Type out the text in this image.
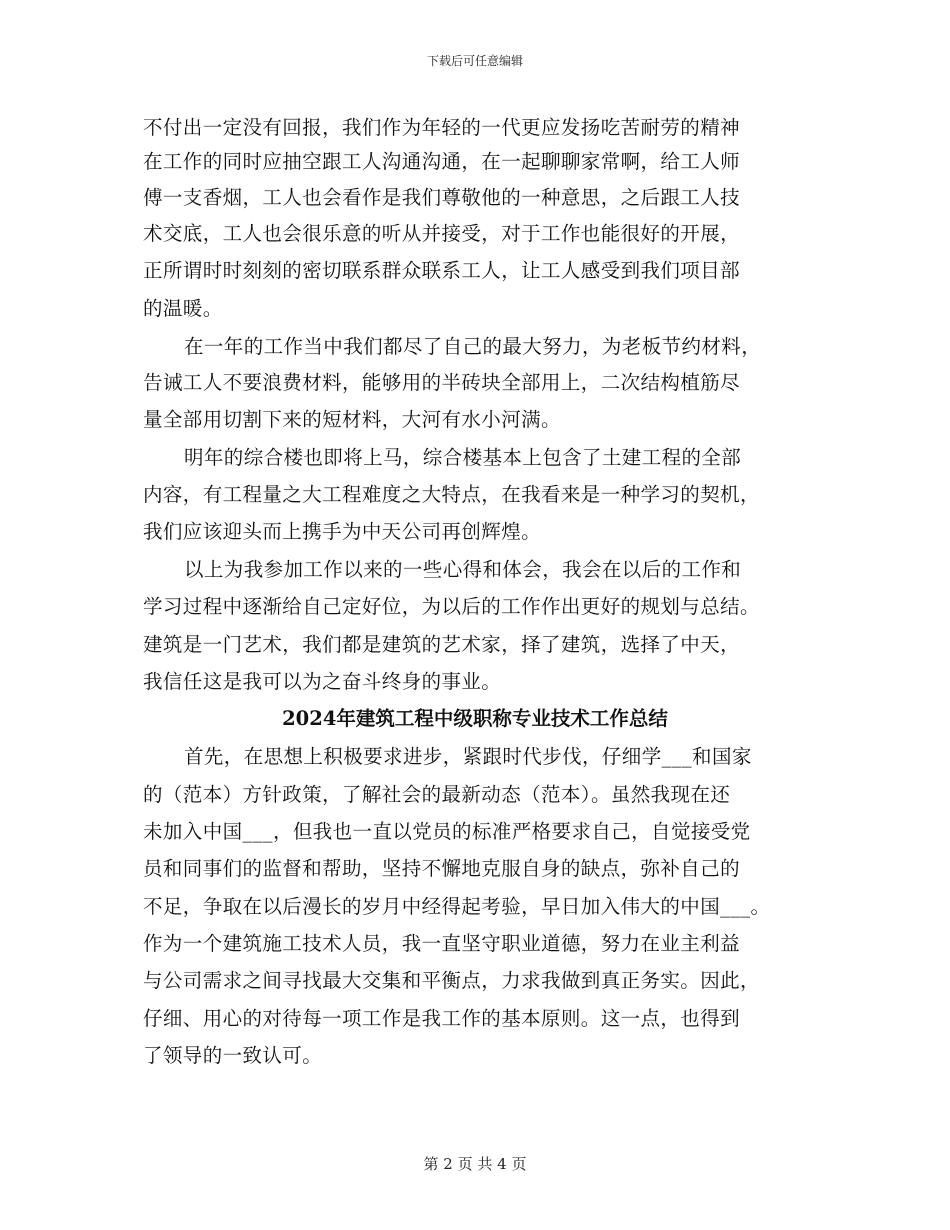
下载后可任意编辑
不付出一定没有回报，我们作为年轻的一代更应发扬吃苦耐劳的精神
在工作的同时应抽空跟工人沟通沟通，在一起聊聊家常啊，给工人师
傅一支香烟，工人也会看作是我们尊敬他的一种意思，之后跟工人技
术交底，工人也会很乐意的听从并接受，对于工作也能很好的开展，
正所谓时时刻刻的密切联系群众联系工人，让工人感受到我们项目部
的温暖。
在一年的工作当中我们都尽了自己的最大努力，为老板节约材料，
告诫工人不要浪费材料，能够用的半砖块全部用上，二次结构植筋尽
量全部用切割下来的短材料，大河有水小河满。
明年的综合楼也即将上马，综合楼基本上包含了土建工程的全部
内容，有工程量之大工程难度之大特点，在我看来是一种学习的契机，
我们应该迎头而上携手为中天公司再创辉煌。
以上为我参加工作以来的一些心得和体会，我会在以后的工作和
学习过程中逐渐给自己定好位，为以后的工作作出更好的规划与总结。
建筑是一门艺术，我们都是建筑的艺术家，择了建筑，选择了中天，
我信任这是我可以为之奋斗终身的事业。
2024年建筑工程中级职称专业技术工作总结
首先，在思想上积极要求进步，紧跟时代步伐，仔细学___和国家
的（范本）方针政策，了解社会的最新动态（范本）。虽然我现在还
未加入中国___，但我也一直以党员的标准严格要求自己，自觉接受党
员和同事们的监督和帮助，坚持不懈地克服自身的缺点，弥补自己的
不足，争取在以后漫长的岁月中经得起考验，早日加入伟大的中国___。
作为一个建筑施工技术人员，我一直坚守职业道德，努力在业主利益
与公司需求之间寻找最大交集和平衡点，力求我做到真正务实。因此，
仔细、用心的对待每一项工作是我工作的基本原则。这一点，也得到
了领导的一致认可。
第 2 页 共 4 页
